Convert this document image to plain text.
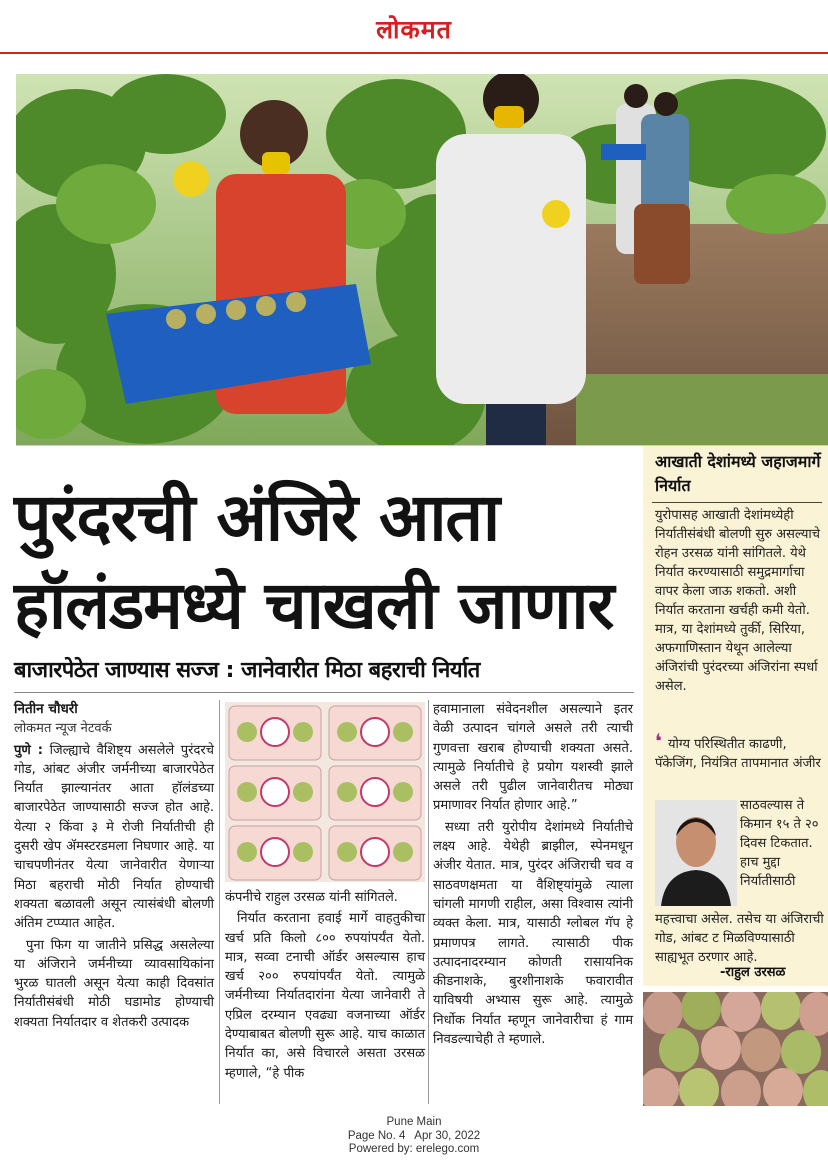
लोकमत
पुरंदरची अंजिरे आता
हॉलंडमध्ये चाखली जाणार
बाजारपेठेत जाण्यास सज्ज : जानेवारीत मिठा बहराची निर्यात
नितीन चौधरी
लोकमत न्यूज नेटवर्क

पुणे : जिल्ह्याचे वैशिष्ट्य असलेले पुरंदरचे गोड, आंबट अंजीर जर्मनीच्या बाजारपेठेत निर्यात झाल्यानंतर आता हॉलंडच्या बाजारपेठेत जाण्यासाठी सज्ज होत आहे. येत्या २ किंवा ३ मे रोजी निर्यातीची ही दुसरी खेप ॲमस्टरडमला निघणार आहे. या चाचपणीनंतर येत्या जानेवारीत येणाऱ्या मिठा बहराची मोठी निर्यात होण्याची शक्यता बळावली असून त्यासंबंधी बोलणी अंतिम टप्प्यात आहेत.

पुना फिग या जातीने प्रसिद्ध असलेल्या या अंजिराने जर्मनीच्या व्यावसायिकांना भुरळ घातली असून येत्या काही दिवसांत निर्यातीसंबंधी मोठी घडामोड होण्याची शक्यता निर्यातदार व शेतकरी उत्पादक

कंपनीचे राहुल उरसळ यांनी सांगितले.

निर्यात करताना हवाई मार्गे वाहतुकीचा खर्च प्रति किलो ८०० रुपयांपर्यंत येतो. मात्र, सव्वा टनाची ऑर्डर असल्यास हाच खर्च २०० रुपयांपर्यंत येतो. त्यामुळे जर्मनीच्या निर्यातदारांना येत्या जानेवारी ते एप्रिल दरम्यान एवढ्या वजनाच्या ऑर्डर देण्याबाबत बोलणी सुरू आहे. याच काळात निर्यात का, असे विचारले असता उरसळ म्हणाले, “हे पीक

हवामानाला संवेदनशील असल्याने इतर वेळी उत्पादन चांगले असले तरी त्याची गुणवत्ता खराब होण्याची शक्यता असते. त्यामुळे निर्यातीचे हे प्रयोग यशस्वी झाले असले तरी पुढील जानेवारीतच मोठ्या प्रमाणावर निर्यात होणार आहे.”

सध्या तरी युरोपीय देशांमध्ये निर्यातीचे लक्ष्य आहे. येथेही ब्राझील, स्पेनमधून अंजीर येतात. मात्र, पुरंदर अंजिराची चव व साठवणक्षमता या वैशिष्ट्यांमुळे त्याला चांगली मागणी राहील, असा विश्वास त्यांनी व्यक्त केला. मात्र, यासाठी ग्लोबल गॅप हे प्रमाणपत्र लागते. त्यासाठी पीक उत्पादनादरम्यान कोणती रासायनिक कीडनाशके, बुरशीनाशके फवारावीत याविषयी अभ्यास सुरू आहे. त्यामुळे निर्धोक निर्यात म्हणून जानेवारीचा हं गाम निवडल्याचेही ते म्हणाले.

आखाती देशांमध्ये जहाजमार्गे निर्यात
युरोपासह आखाती देशांमध्येही निर्यातीसंबंधी बोलणी सुरु असल्याचे रोहन उरसळ यांनी सांगितले. येथे निर्यात करण्यासाठी समुद्रमार्गाचा वापर केला जाऊ शकतो. अशी निर्यात करताना खर्चही कमी येतो. मात्र, या देशांमध्ये तुर्की, सिरिया, अफगाणिस्तान येथून आलेल्या अंजिरांची पुरंदरच्या अंजिरांना स्पर्धा असेल.
❛ योग्य परिस्थितीत काढणी, पॅकेजिंग, नियंत्रित तापमानात अंजीर
साठवल्यास ते किमान १५ ते २० दिवस टिकतात. हाच मुद्दा निर्यातीसाठी
महत्त्वाचा असेल. तसेच या अंजिराची गोड, आंबट ट मिळविण्यासाठी साह्यभूत ठरणार आहे.
-राहुल उरसळ
Pune Main
Page No. 4   Apr 30, 2022
Powered by: erelego.com
